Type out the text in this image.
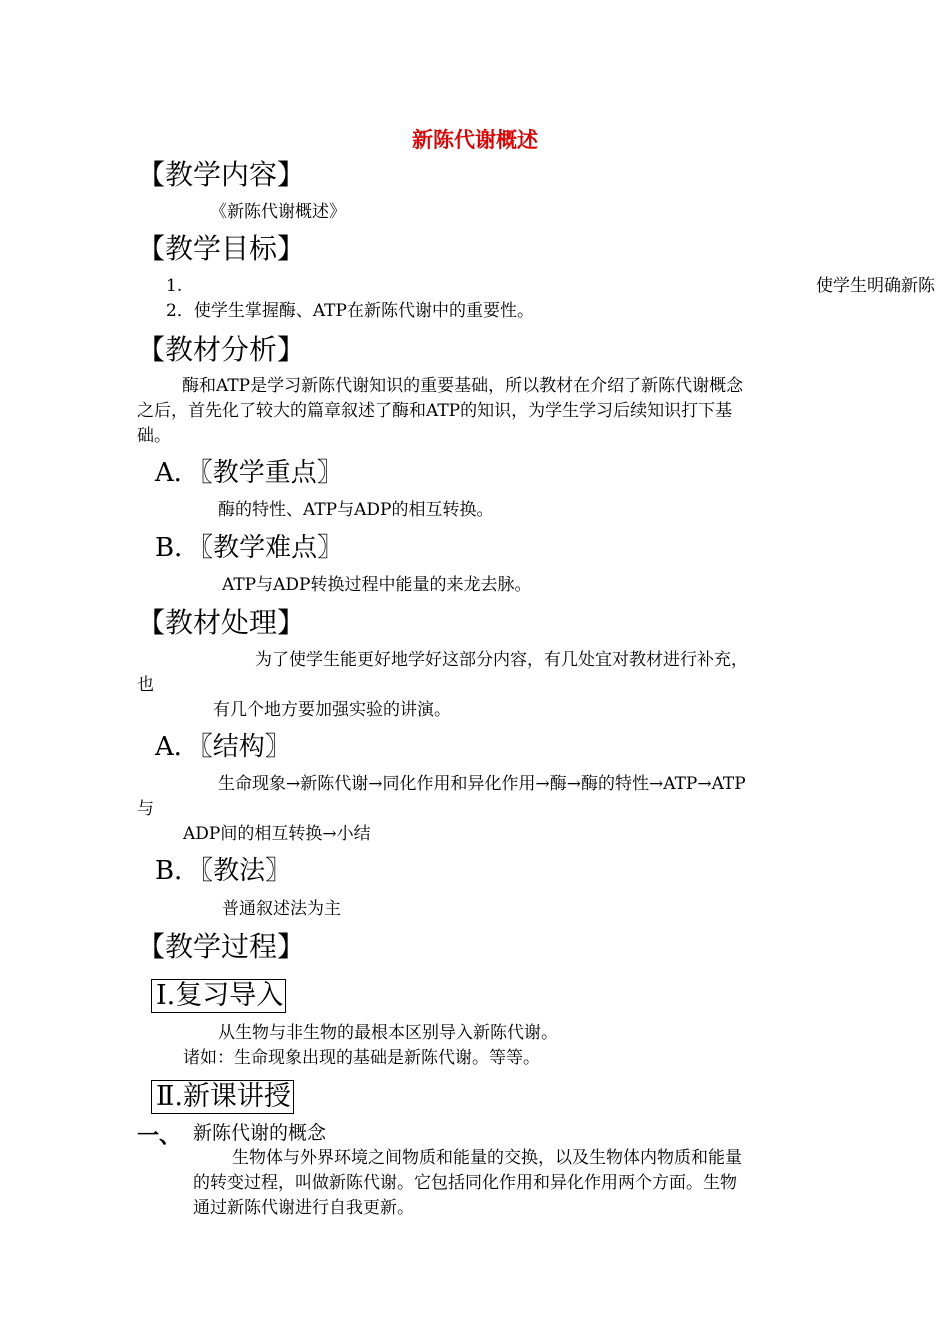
新陈代谢概述
【教学内容】
《新陈代谢概述》
【教学目标】
1.	使学生明确新陈
2．使学生掌握酶、ATP在新陈代谢中的重要性。
【教材分析】
酶和ATP是学习新陈代谢知识的重要基础，所以教材在介绍了新陈代谢概念
之后，首先化了较大的篇章叙述了酶和ATP的知识，为学生学习后续知识打下基
础。
A．〖教学重点〗
酶的特性、ATP与ADP的相互转换。
B．〖教学难点〗
ATP与ADP转换过程中能量的来龙去脉。
【教材处理】
为了使学生能更好地学好这部分内容，有几处宜对教材进行补充，
也
有几个地方要加强实验的讲演。
A．〖结构〗
生命现象→新陈代谢→同化作用和异化作用→酶→酶的特性→ATP→ATP
与
ADP间的相互转换→小结
B．〖教法〗
普通叙述法为主
【教学过程】
Ⅰ.复习导入
从生物与非生物的最根本区别导入新陈代谢。
诸如：生命现象出现的基础是新陈代谢。等等。
Ⅱ.新课讲授
一、 新陈代谢的概念
生物体与外界环境之间物质和能量的交换，以及生物体内物质和能量
的转变过程，叫做新陈代谢。它包括同化作用和异化作用两个方面。生物
通过新陈代谢进行自我更新。
